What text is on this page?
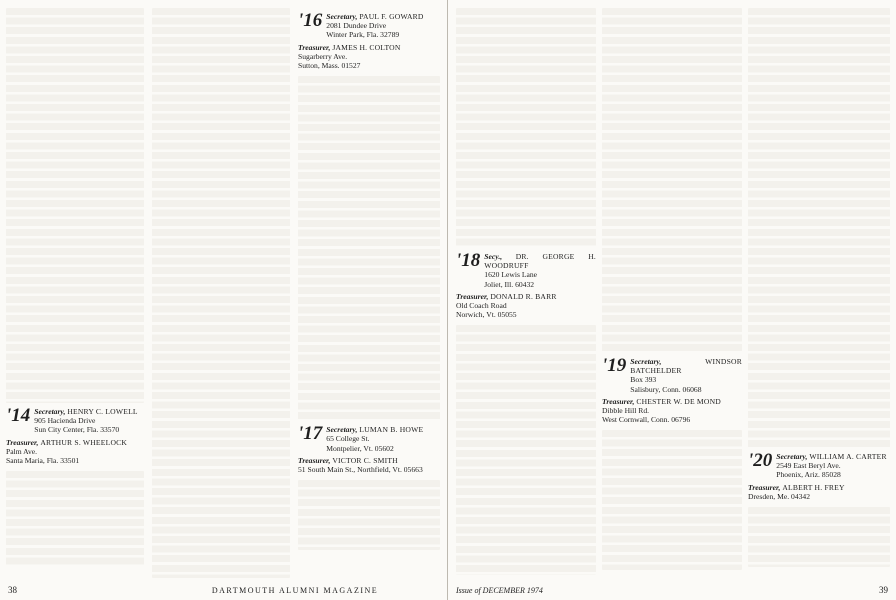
'14 Secretary, HENRY C. LOWELL
905 Hacienda Drive
Sun City Center, Fla. 33570
Treasurer, ARTHUR S. WHEELOCK
Palm Ave.
Santa Maria, Fla. 33501
'16 Secretary, PAUL F. GOWARD
2081 Dundee Drive
Winter Park, Fla. 32789
Treasurer, JAMES H. COLTON
Sugarberry Ave.
Sutton, Mass. 01527
'17 Secretary, LUMAN B. HOWE
65 College St.
Montpelier, Vt. 05602
Treasurer, VICTOR C. SMITH
51 South Main St., Northfield, Vt. 05663
38	DARTMOUTH ALUMNI MAGAZINE
'18 Secy., DR. GEORGE H. WOODRUFF
1620 Lewis Lane
Joliet, Ill. 60432
Treasurer, DONALD R. BARR
Old Coach Road
Norwich, Vt. 05055
'19 Secretary,	WINDSOR BATCHELDER
Box 393
Salisbury, Conn. 06068
Treasurer, CHESTER W. DE MOND
Dibble Hill Rd.
West Cornwall, Conn. 06796
'20 Secretary, WILLIAM A. CARTER
2549 East Beryl Ave.
Phoenix, Ariz. 85028
Treasurer, ALBERT H. FREY
Dresden, Me. 04342
Issue of DECEMBER 1974	39
